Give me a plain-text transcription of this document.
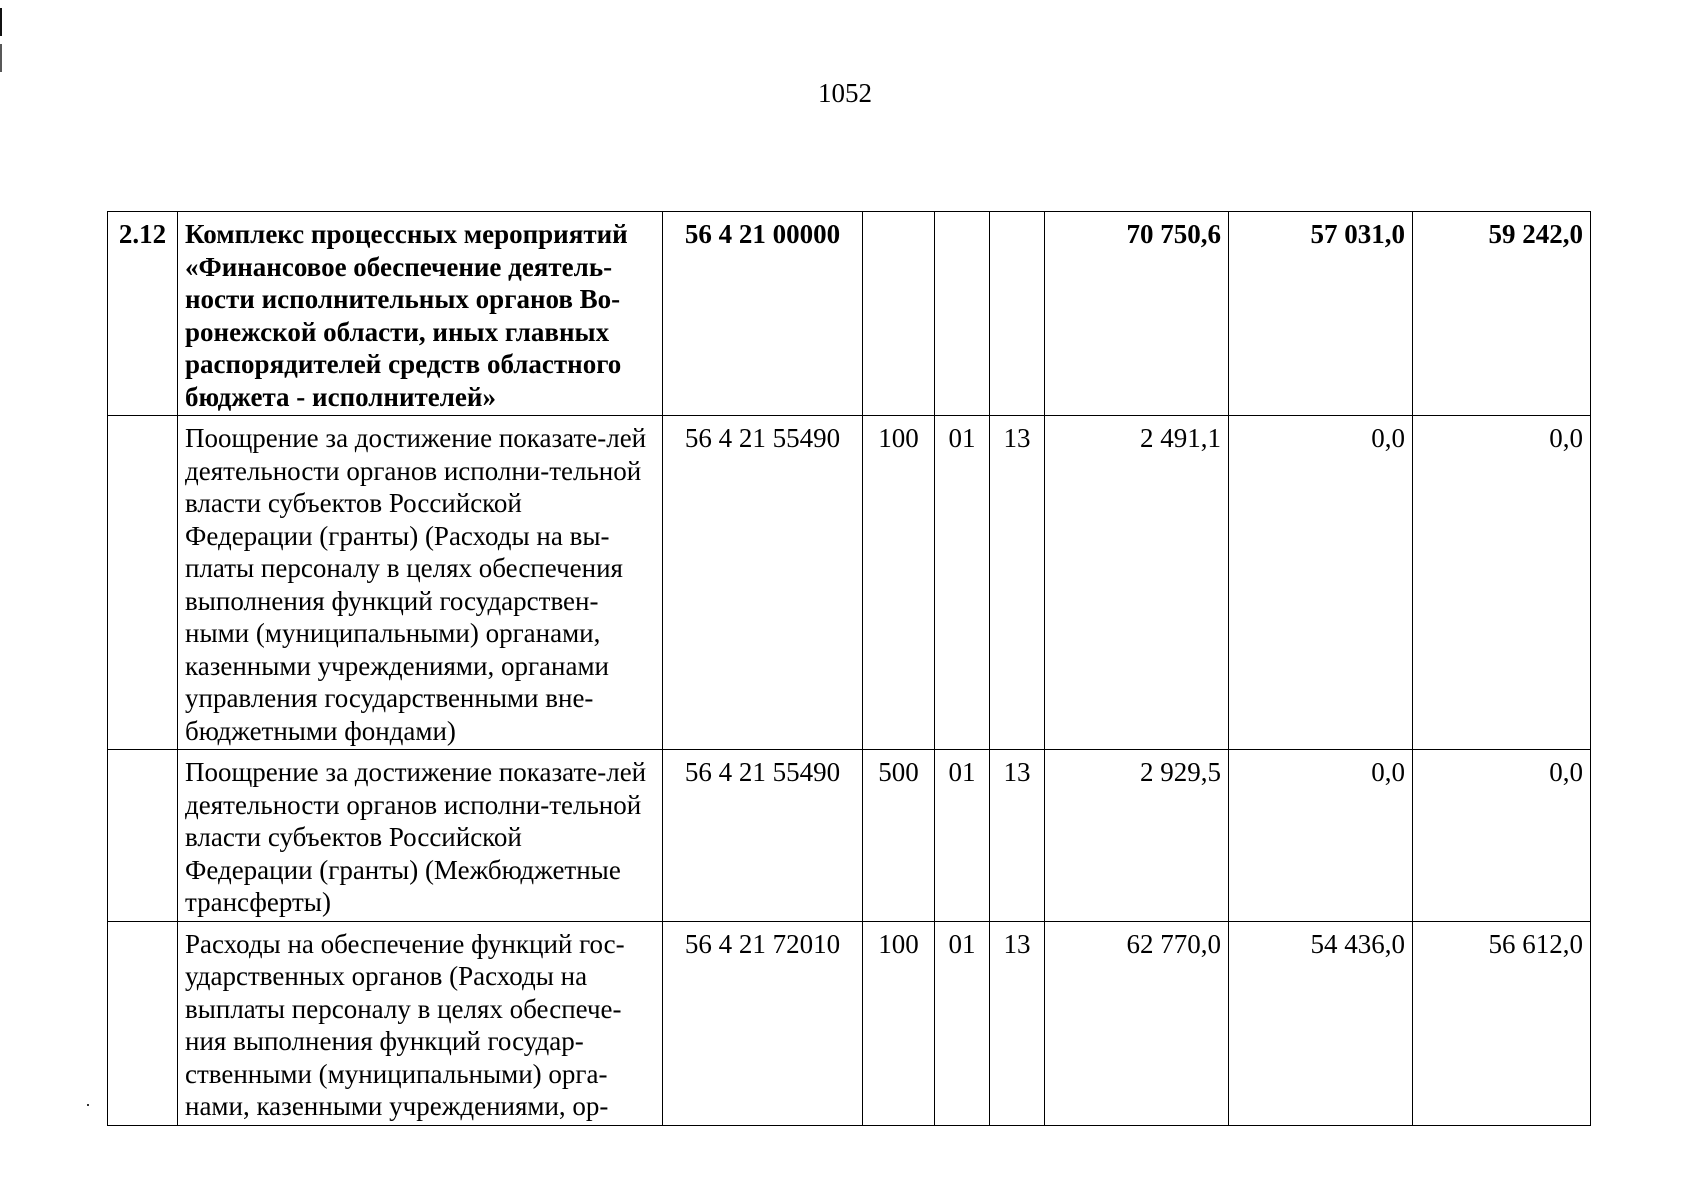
1052
2.12	Комплекс процессных мероприятий «Финансовое обеспечение деятель-ности исполнительных органов Во-ронежской области, иных главных распорядителей средств областного бюджета - исполнителей»	56 4 21 00000				70 750,6	57 031,0	59 242,0
	Поощрение за достижение показате-лей деятельности органов исполни-тельной власти субъектов Российской Федерации (гранты) (Расходы на вы-платы персоналу в целях обеспечения выполнения функций государствен-ными (муниципальными) органами, казенными учреждениями, органами управления государственными вне-бюджетными фондами)	56 4 21 55490	100	01	13	2 491,1	0,0	0,0
	Поощрение за достижение показате-лей деятельности органов исполни-тельной власти субъектов Российской Федерации (гранты) (Межбюджетные трансферты)	56 4 21 55490	500	01	13	2 929,5	0,0	0,0
	Расходы на обеспечение функций гос-ударственных органов (Расходы на выплаты персоналу в целях обеспече-ния выполнения функций государ-ственными (муниципальными) орга-нами, казенными учреждениями, ор-	56 4 21 72010	100	01	13	62 770,0	54 436,0	56 612,0
